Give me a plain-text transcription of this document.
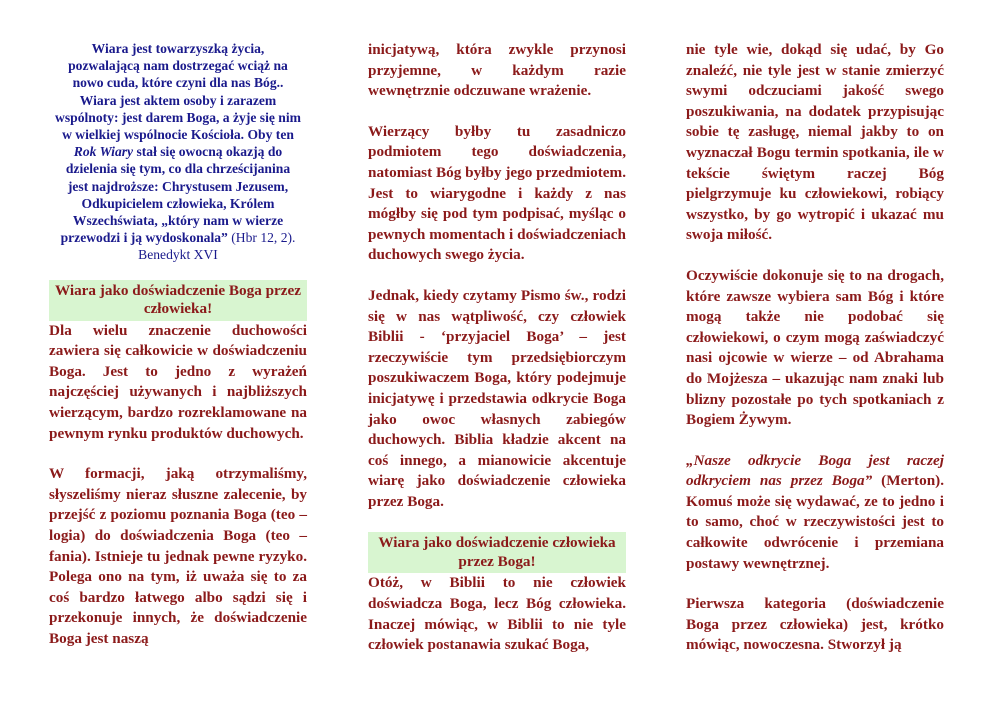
Wiara jest towarzyszką życia,
pozwalającą nam dostrzegać wciąż na
nowo cuda, które czyni dla nas Bóg..
Wiara jest aktem osoby i zarazem
wspólnoty: jest darem Boga, a żyje się nim
w wielkiej wspólnocie Kościoła. Oby ten
Rok Wiary stał się owocną okazją do
dzielenia się tym, co dla chrześcijanina
jest najdroższe: Chrystusem Jezusem,
Odkupicielem człowieka, Królem
Wszechświata, „który nam w wierze
przewodzi i ją wydoskonala” (Hbr 12, 2).
Benedykt XVI

Wiara jako doświadczenie Boga przez człowieka!

Dla wielu znaczenie duchowości zawiera się całkowicie w doświadczeniu Boga. Jest to jedno z wyrażeń najczęściej używanych i najbliższych wierzącym, bardzo rozreklamowane na pewnym rynku produktów duchowych.

W formacji, jaką otrzymaliśmy, słyszeliśmy nieraz słuszne zalecenie, by przejść z poziomu poznania Boga (teo – logia) do doświadczenia Boga (teo – fania). Istnieje tu jednak pewne ryzyko. Polega ono na tym, iż uważa się to za coś bardzo łatwego albo sądzi się i przekonuje innych, że doświadczenie Boga jest naszą

inicjatywą, która zwykle przynosi przyjemne, w każdym razie wewnętrznie odczuwane wrażenie.

Wierzący byłby tu zasadniczo podmiotem tego doświadczenia, natomiast Bóg byłby jego przedmiotem. Jest to wiarygodne i każdy z nas mógłby się pod tym podpisać, myśląc o pewnych momentach i doświadczeniach duchowych swego życia.

Jednak, kiedy czytamy Pismo św., rodzi się w nas wątpliwość, czy człowiek Biblii - ‘przyjaciel Boga’ – jest rzeczywiście tym przedsiębiorczym poszukiwaczem Boga, który podejmuje inicjatywę i przedstawia odkrycie Boga jako owoc własnych zabiegów duchowych. Biblia kładzie akcent na coś innego, a mianowicie akcentuje wiarę jako doświadczenie człowieka przez Boga.

Wiara jako doświadczenie człowieka przez Boga!

Otóż, w Biblii to nie człowiek doświadcza Boga, lecz Bóg człowieka. Inaczej mówiąc, w Biblii to nie tyle człowiek postanawia szukać Boga,

nie tyle wie, dokąd się udać, by Go znaleźć, nie tyle jest w stanie zmierzyć swymi odczuciami jakość swego poszukiwania, na dodatek przypisując sobie tę zasługę, niemal jakby to on wyznaczał Bogu termin spotkania, ile w tekście świętym raczej Bóg pielgrzymuje ku człowiekowi, robiący wszystko, by go wytropić i ukazać mu swoja miłość.

Oczywiście dokonuje się to na drogach, które zawsze wybiera sam Bóg i które mogą także nie podobać się człowiekowi, o czym mogą zaświadczyć nasi ojcowie w wierze – od Abrahama do Mojżesza – ukazując nam znaki lub blizny pozostałe po tych spotkaniach z Bogiem Żywym.

„Nasze odkrycie Boga jest raczej odkryciem nas przez Boga” (Merton). Komuś może się wydawać, ze to jedno i to samo, choć w rzeczywistości jest to całkowite odwrócenie i przemiana postawy wewnętrznej.

Pierwsza kategoria (doświadczenie Boga przez człowieka) jest, krótko mówiąc, nowoczesna. Stworzył ją
